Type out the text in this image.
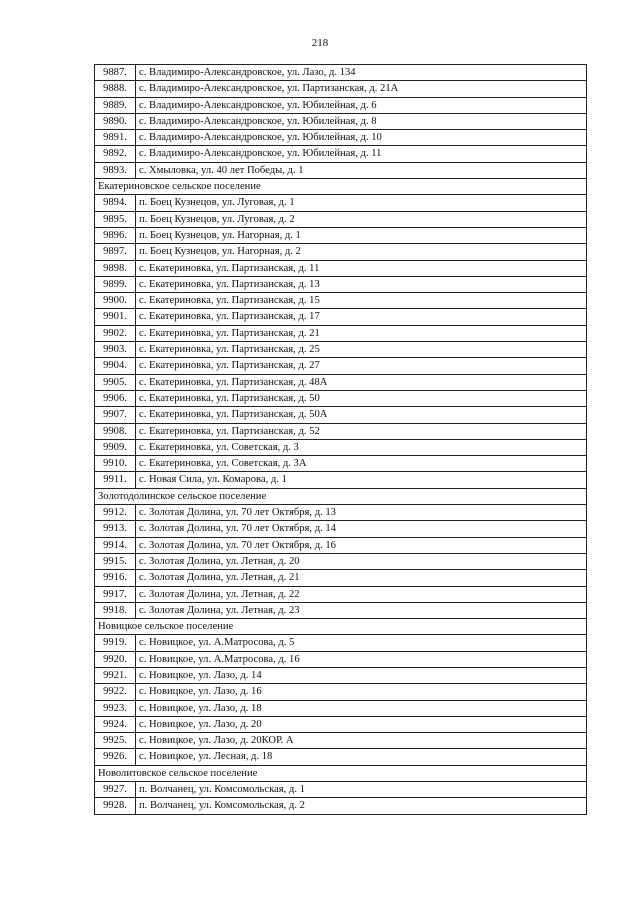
218
9887.	с. Владимиро-Александровское, ул. Лазо, д. 134
9888.	с. Владимиро-Александровское, ул. Партизанская, д. 21А
9889.	с. Владимиро-Александровское, ул. Юбилейная, д. 6
9890.	с. Владимиро-Александровское, ул. Юбилейная, д. 8
9891.	с. Владимиро-Александровское, ул. Юбилейная, д. 10
9892.	с. Владимиро-Александровское, ул. Юбилейная, д. 11
9893.	с. Хмыловка, ул. 40 лет Победы, д. 1
Екатериновское сельское поселение	
9894.	п. Боец Кузнецов, ул. Луговая, д. 1
9895.	п. Боец Кузнецов, ул. Луговая, д. 2
9896.	п. Боец Кузнецов, ул. Нагорная, д. 1
9897.	п. Боец Кузнецов, ул. Нагорная, д. 2
9898.	с. Екатериновка, ул. Партизанская, д. 11
9899.	с. Екатериновка, ул. Партизанская, д. 13
9900.	с. Екатериновка, ул. Партизанская, д. 15
9901.	с. Екатериновка, ул. Партизанская, д. 17
9902.	с. Екатериновка, ул. Партизанская, д. 21
9903.	с. Екатериновка, ул. Партизанская, д. 25
9904.	с. Екатериновка, ул. Партизанская, д. 27
9905.	с. Екатериновка, ул. Партизанская, д. 48А
9906.	с. Екатериновка, ул. Партизанская, д. 50
9907.	с. Екатериновка, ул. Партизанская, д. 50А
9908.	с. Екатериновка, ул. Партизанская, д. 52
9909.	с. Екатериновка, ул. Советская, д. 3
9910.	с. Екатериновка, ул. Советская, д. 3А
9911.	с. Новая Сила, ул. Комарова, д. 1
Золотодолинское сельское поселение	
9912.	с. Золотая Долина, ул. 70 лет Октября, д. 13
9913.	с. Золотая Долина, ул. 70 лет Октября, д. 14
9914.	с. Золотая Долина, ул. 70 лет Октября, д. 16
9915.	с. Золотая Долина, ул. Летная, д. 20
9916.	с. Золотая Долина, ул. Летная, д. 21
9917.	с. Золотая Долина, ул. Летная, д. 22
9918.	с. Золотая Долина, ул. Летная, д. 23
Новицкое сельское поселение	
9919.	с. Новицкое, ул. А.Матросова, д. 5
9920.	с. Новицкое, ул. А.Матросова, д. 16
9921.	с. Новицкое, ул. Лазо, д. 14
9922.	с. Новицкое, ул. Лазо, д. 16
9923.	с. Новицкое, ул. Лазо, д. 18
9924.	с. Новицкое, ул. Лазо, д. 20
9925.	с. Новицкое, ул. Лазо, д. 20КОР. А
9926.	с. Новицкое, ул. Лесная, д. 18
Новолитовское сельское поселение	
9927.	п. Волчанец, ул. Комсомольская, д. 1
9928.	п. Волчанец, ул. Комсомольская, д. 2
